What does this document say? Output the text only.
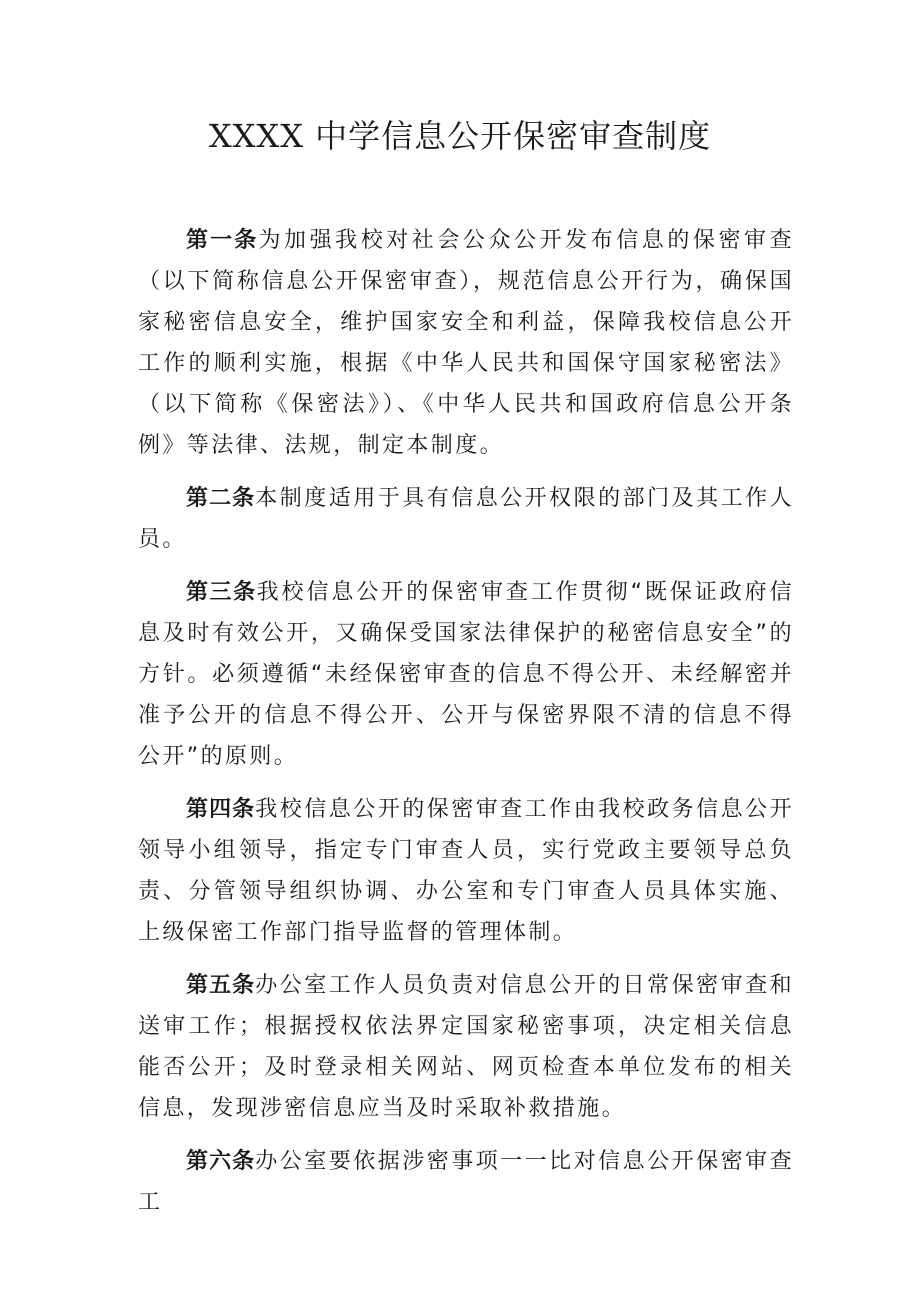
XXXX 中学信息公开保密审查制度

第一条为加强我校对社会公众公开发布信息的保密审查（以下简称信息公开保密审查），规范信息公开行为，确保国家秘密信息安全，维护国家安全和利益，保障我校信息公开工作的顺利实施，根据《中华人民共和国保守国家秘密法》（以下简称《保密法》）、《中华人民共和国政府信息公开条例》等法律、法规，制定本制度。

第二条本制度适用于具有信息公开权限的部门及其工作人员。

第三条我校信息公开的保密审查工作贯彻“既保证政府信息及时有效公开，又确保受国家法律保护的秘密信息安全”的方针。必须遵循“未经保密审查的信息不得公开、未经解密并准予公开的信息不得公开、公开与保密界限不清的信息不得公开”的原则。

第四条我校信息公开的保密审查工作由我校政务信息公开领导小组领导，指定专门审查人员，实行党政主要领导总负责、分管领导组织协调、办公室和专门审查人员具体实施、上级保密工作部门指导监督的管理体制。

第五条办公室工作人员负责对信息公开的日常保密审查和送审工作；根据授权依法界定国家秘密事项，决定相关信息能否公开；及时登录相关网站、网页检查本单位发布的相关信息，发现涉密信息应当及时采取补救措施。

第六条办公室要依据涉密事项一一比对信息公开保密审查工
